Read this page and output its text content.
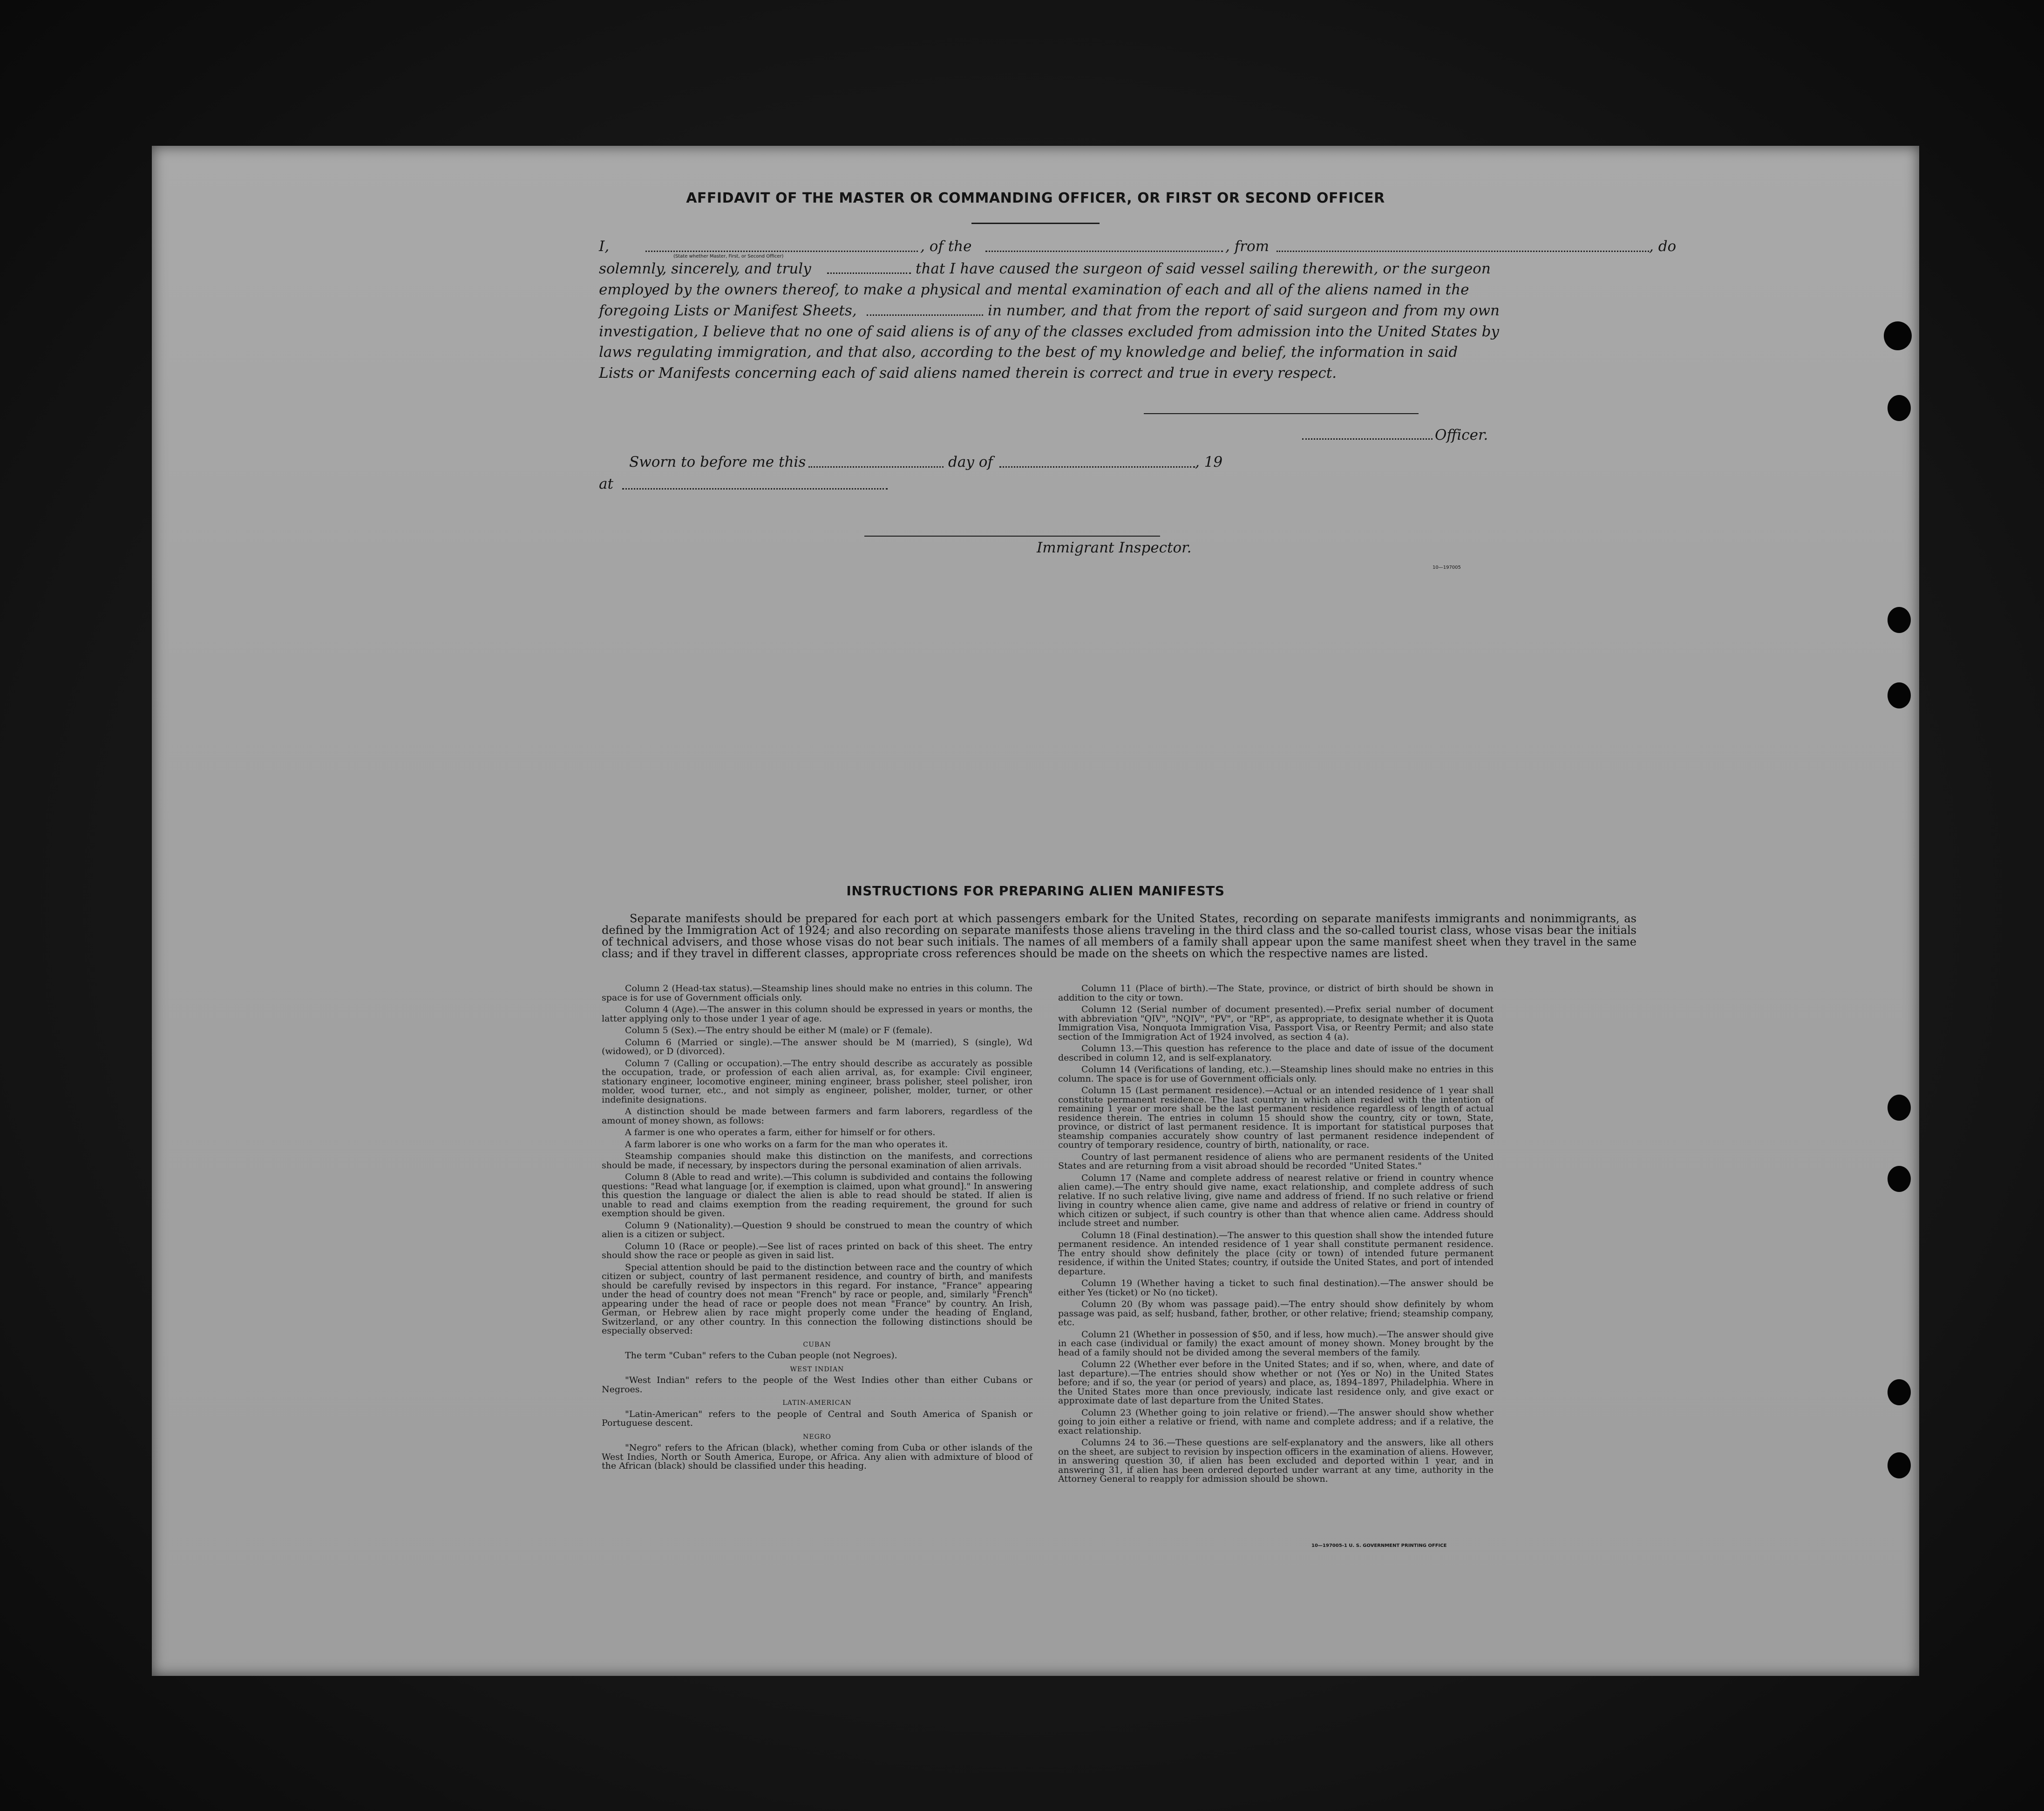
AFFIDAVIT OF THE MASTER OR COMMANDING OFFICER, OR FIRST OR SECOND OFFICER
I,	, of the	, from	, do
(State whether Master, First, or Second Officer)
solemnly, sincerely, and truly	that I have caused the surgeon of said vessel sailing therewith, or the surgeon
employed by the owners thereof, to make a physical and mental examination of each and all of the aliens named in the
foregoing Lists or Manifest Sheets,	in number, and that from the report of said surgeon and from my own
investigation, I believe that no one of said aliens is of any of the classes excluded from admission into the United States by
laws regulating immigration, and that also, according to the best of my knowledge and belief, the information in said
Lists or Manifests concerning each of said aliens named therein is correct and true in every respect.
Officer.
Sworn to before me this	day of	, 19
at
Immigrant Inspector.
10—197005
INSTRUCTIONS FOR PREPARING ALIEN MANIFESTS
Separate manifests should be prepared for each port at which passengers embark for the United States, recording on separate manifests immigrants and nonimmigrants, as defined by the Immigration Act of 1924; and also recording on separate manifests those aliens traveling in the third class and the so-called tourist class, whose visas bear the initials of technical advisers, and those whose visas do not bear such initials. The names of all members of a family shall appear upon the same manifest sheet when they travel in the same class; and if they travel in different classes, appropriate cross references should be made on the sheets on which the respective names are listed.

Column 2 (Head-tax status).—Steamship lines should make no entries in this column. The space is for use of Government officials only.

Column 4 (Age).—The answer in this column should be expressed in years or months, the latter applying only to those under 1 year of age.

Column 5 (Sex).—The entry should be either M (male) or F (female).

Column 6 (Married or single).—The answer should be M (married), S (single), Wd (widowed), or D (divorced).

Column 7 (Calling or occupation).—The entry should describe as accurately as possible the occupation, trade, or profession of each alien arrival, as, for example: Civil engineer, stationary engineer, locomotive engineer, mining engineer, brass polisher, steel polisher, iron molder, wood turner, etc., and not simply as engineer, polisher, molder, turner, or other indefinite designations.

A distinction should be made between farmers and farm laborers, regardless of the amount of money shown, as follows:

A farmer is one who operates a farm, either for himself or for others.

A farm laborer is one who works on a farm for the man who operates it.

Steamship companies should make this distinction on the manifests, and corrections should be made, if necessary, by inspectors during the personal examination of alien arrivals.

Column 8 (Able to read and write).—This column is subdivided and contains the following questions: "Read what language [or, if exemption is claimed, upon what ground]." In answering this question the language or dialect the alien is able to read should be stated. If alien is unable to read and claims exemption from the reading requirement, the ground for such exemption should be given.

Column 9 (Nationality).—Question 9 should be construed to mean the country of which alien is a citizen or subject.

Column 10 (Race or people).—See list of races printed on back of this sheet. The entry should show the race or people as given in said list.

Special attention should be paid to the distinction between race and the country of which citizen or subject, country of last permanent residence, and country of birth, and manifests should be carefully revised by inspectors in this regard. For instance, "France" appearing under the head of country does not mean "French" by race or people, and, similarly "French" appearing under the head of race or people does not mean "France" by country. An Irish, German, or Hebrew alien by race might properly come under the heading of England, Switzerland, or any other country. In this connection the following distinctions should be especially observed:

CUBAN

The term "Cuban" refers to the Cuban people (not Negroes).

WEST INDIAN

"West Indian" refers to the people of the West Indies other than either Cubans or Negroes.

LATIN-AMERICAN

"Latin-American" refers to the people of Central and South America of Spanish or Portuguese descent.

NEGRO

"Negro" refers to the African (black), whether coming from Cuba or other islands of the West Indies, North or South America, Europe, or Africa. Any alien with admixture of blood of the African (black) should be classified under this heading.

Column 11 (Place of birth).—The State, province, or district of birth should be shown in addition to the city or town.

Column 12 (Serial number of document presented).—Prefix serial number of document with abbreviation "QIV", "NQIV", "PV", or "RP", as appropriate, to designate whether it is Quota Immigration Visa, Nonquota Immigration Visa, Passport Visa, or Reentry Permit; and also state section of the Immigration Act of 1924 involved, as section 4 (a).

Column 13.—This question has reference to the place and date of issue of the document described in column 12, and is self-explanatory.

Column 14 (Verifications of landing, etc.).—Steamship lines should make no entries in this column. The space is for use of Government officials only.

Column 15 (Last permanent residence).—Actual or an intended residence of 1 year shall constitute permanent residence. The last country in which alien resided with the intention of remaining 1 year or more shall be the last permanent residence regardless of length of actual residence therein. The entries in column 15 should show the country, city or town, State, province, or district of last permanent residence. It is important for statistical purposes that steamship companies accurately show country of last permanent residence independent of country of temporary residence, country of birth, nationality, or race.

Country of last permanent residence of aliens who are permanent residents of the United States and are returning from a visit abroad should be recorded "United States."

Column 17 (Name and complete address of nearest relative or friend in country whence alien came).—The entry should give name, exact relationship, and complete address of such relative. If no such relative living, give name and address of friend. If no such relative or friend living in country whence alien came, give name and address of relative or friend in country of which citizen or subject, if such country is other than that whence alien came. Address should include street and number.

Column 18 (Final destination).—The answer to this question shall show the intended future permanent residence. An intended residence of 1 year shall constitute permanent residence. The entry should show definitely the place (city or town) of intended future permanent residence, if within the United States; country, if outside the United States, and port of intended departure.

Column 19 (Whether having a ticket to such final destination).—The answer should be either Yes (ticket) or No (no ticket).

Column 20 (By whom was passage paid).—The entry should show definitely by whom passage was paid, as self; husband, father, brother, or other relative; friend; steamship company, etc.

Column 21 (Whether in possession of $50, and if less, how much).—The answer should give in each case (individual or family) the exact amount of money shown. Money brought by the head of a family should not be divided among the several members of the family.

Column 22 (Whether ever before in the United States; and if so, when, where, and date of last departure).—The entries should show whether or not (Yes or No) in the United States before; and if so, the year (or period of years) and place, as, 1894–1897, Philadelphia. Where in the United States more than once previously, indicate last residence only, and give exact or approximate date of last departure from the United States.

Column 23 (Whether going to join relative or friend).—The answer should show whether going to join either a relative or friend, with name and complete address; and if a relative, the exact relationship.

Columns 24 to 36.—These questions are self-explanatory and the answers, like all others on the sheet, are subject to revision by inspection officers in the examination of aliens. However, in answering question 30, if alien has been excluded and deported within 1 year, and in answering 31, if alien has been ordered deported under warrant at any time, authority in the Attorney General to reapply for admission should be shown.

10—197005-1 U. S. GOVERNMENT PRINTING OFFICE
